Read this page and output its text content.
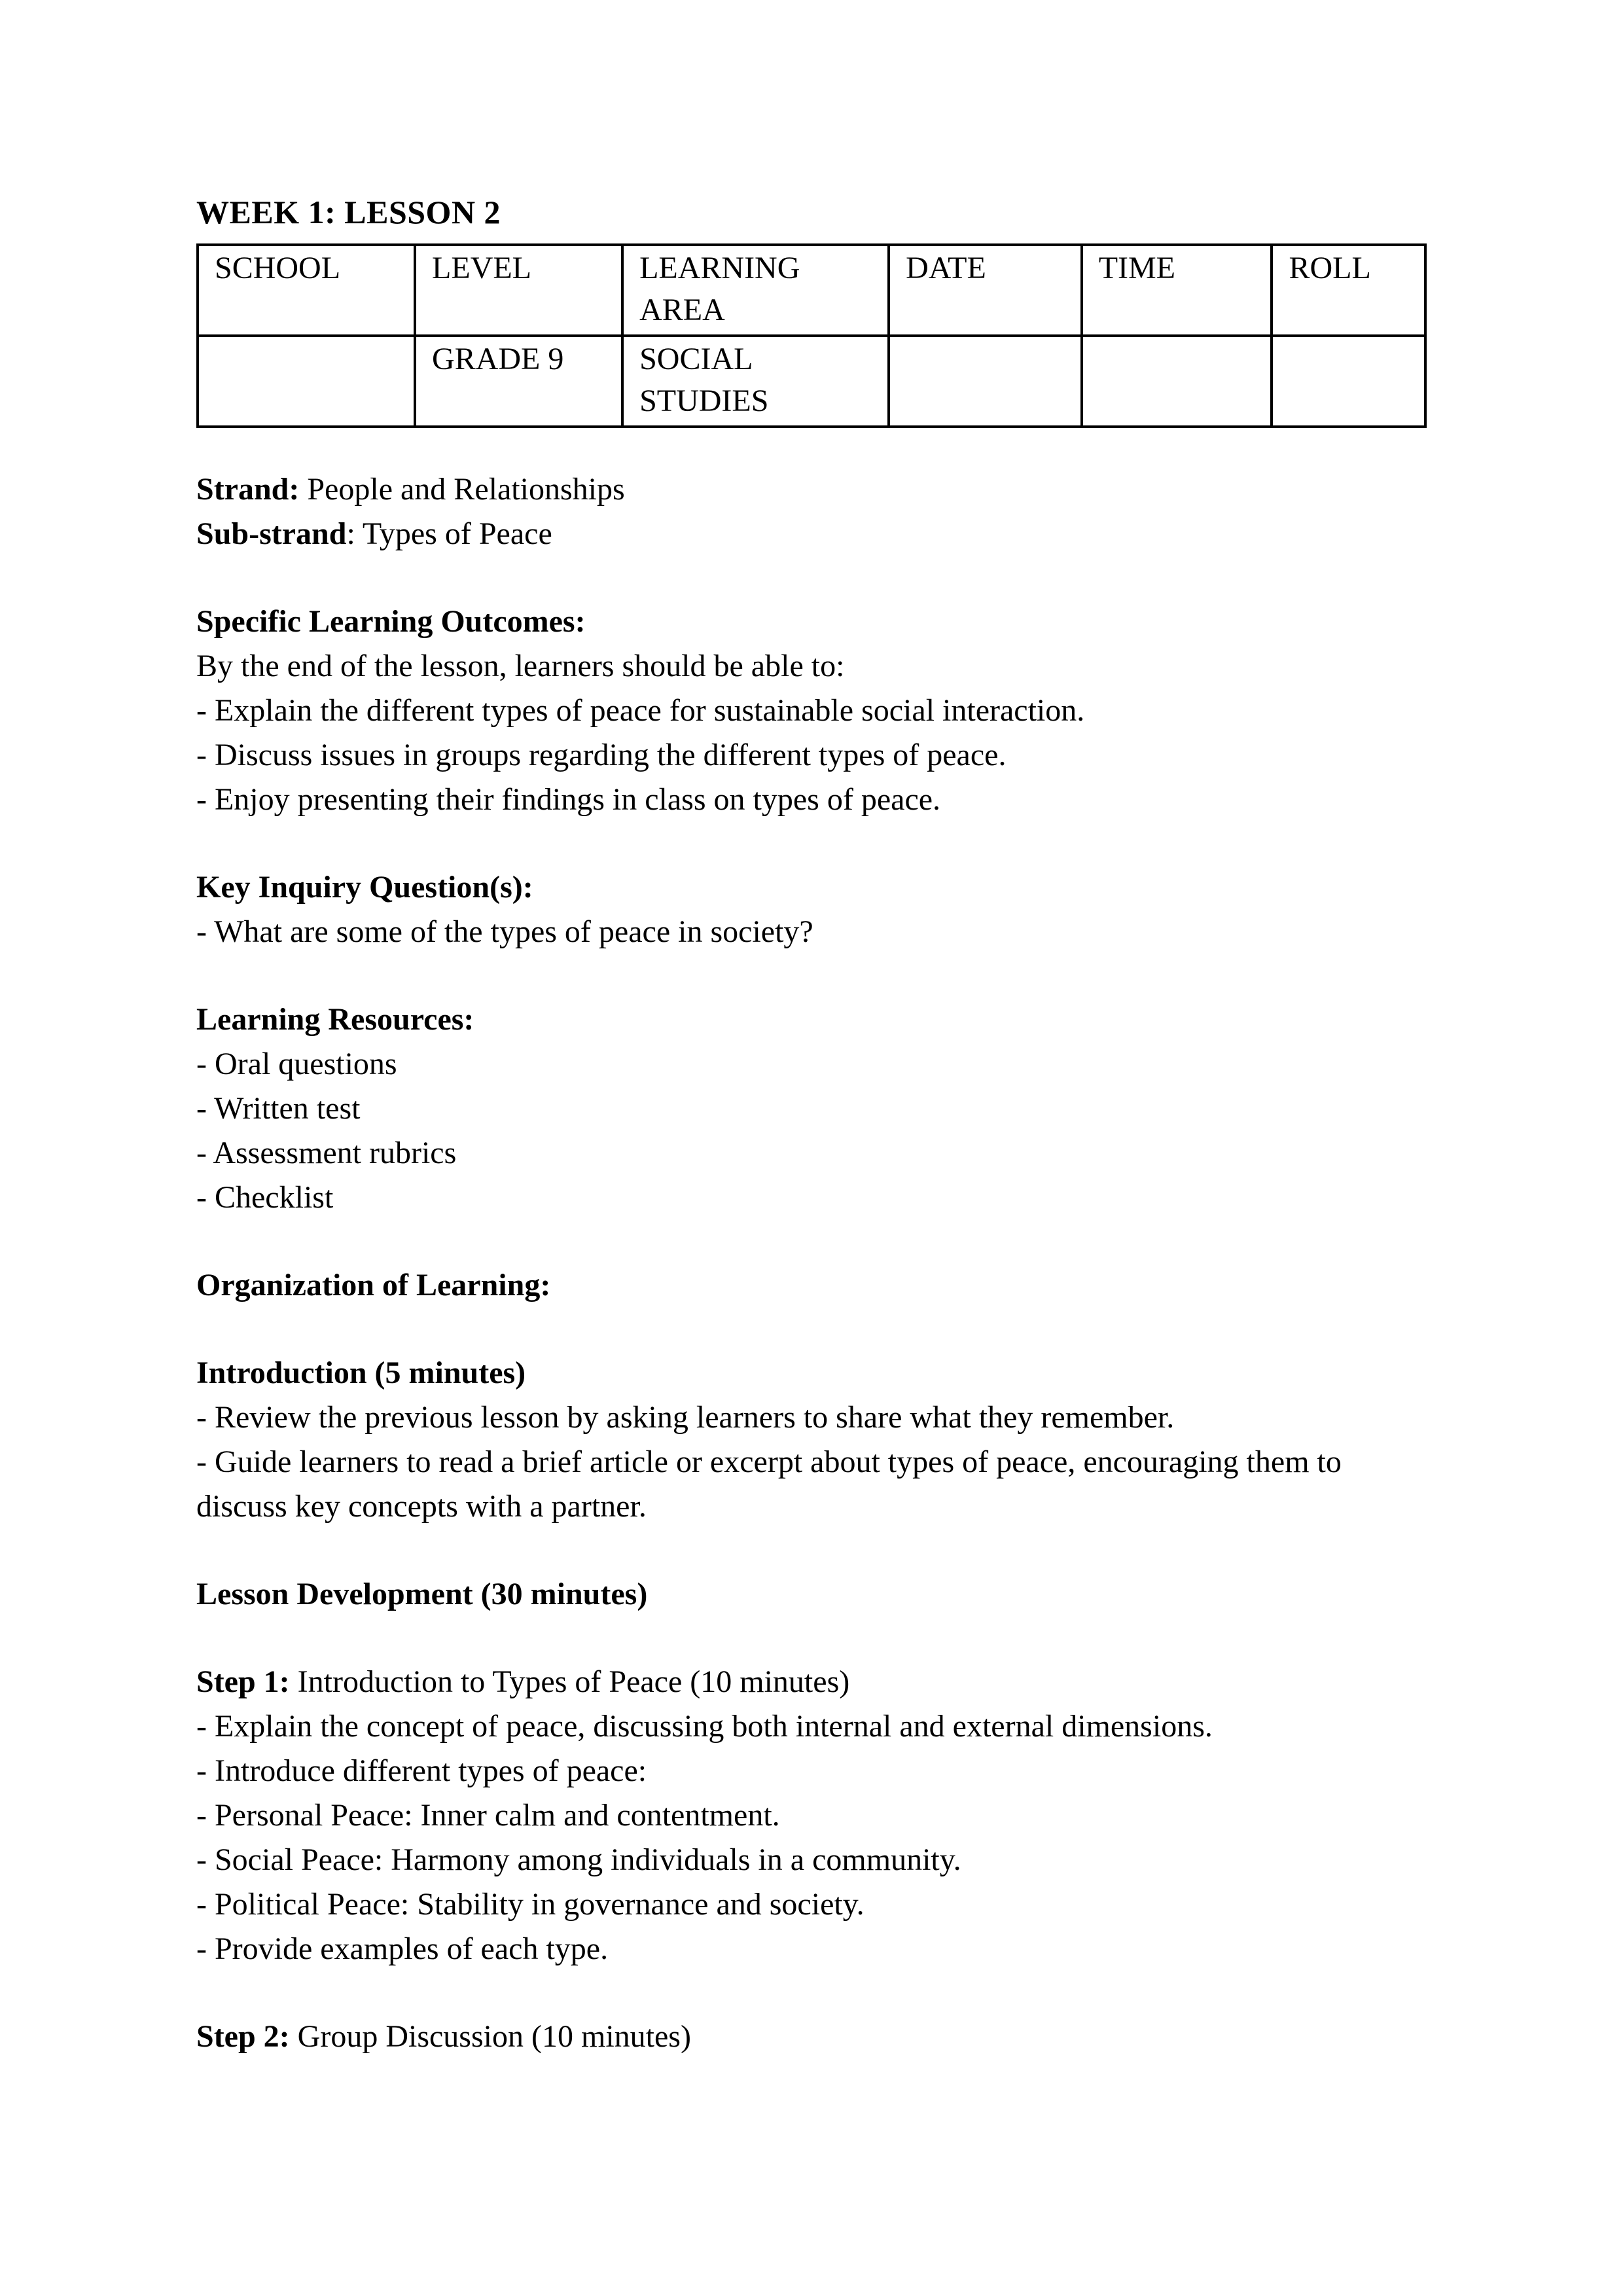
WEEK 1: LESSON 2
SCHOOL	LEVEL	LEARNING AREA	DATE	TIME	ROLL
	GRADE 9	SOCIAL STUDIES			

Strand: People and Relationships

Sub-strand: Types of Peace

Specific Learning Outcomes:

By the end of the lesson, learners should be able to:

- Explain the different types of peace for sustainable social interaction.

- Discuss issues in groups regarding the different types of peace.

- Enjoy presenting their findings in class on types of peace.

Key Inquiry Question(s):

- What are some of the types of peace in society?

Learning Resources:

- Oral questions

- Written test

- Assessment rubrics

- Checklist

Organization of Learning:

Introduction (5 minutes)

- Review the previous lesson by asking learners to share what they remember.

- Guide learners to read a brief article or excerpt about types of peace, encouraging them to

discuss key concepts with a partner.

Lesson Development (30 minutes)

Step 1: Introduction to Types of Peace (10 minutes)

- Explain the concept of peace, discussing both internal and external dimensions.

- Introduce different types of peace:

- Personal Peace: Inner calm and contentment.

- Social Peace: Harmony among individuals in a community.

- Political Peace: Stability in governance and society.

- Provide examples of each type.

Step 2: Group Discussion (10 minutes)
